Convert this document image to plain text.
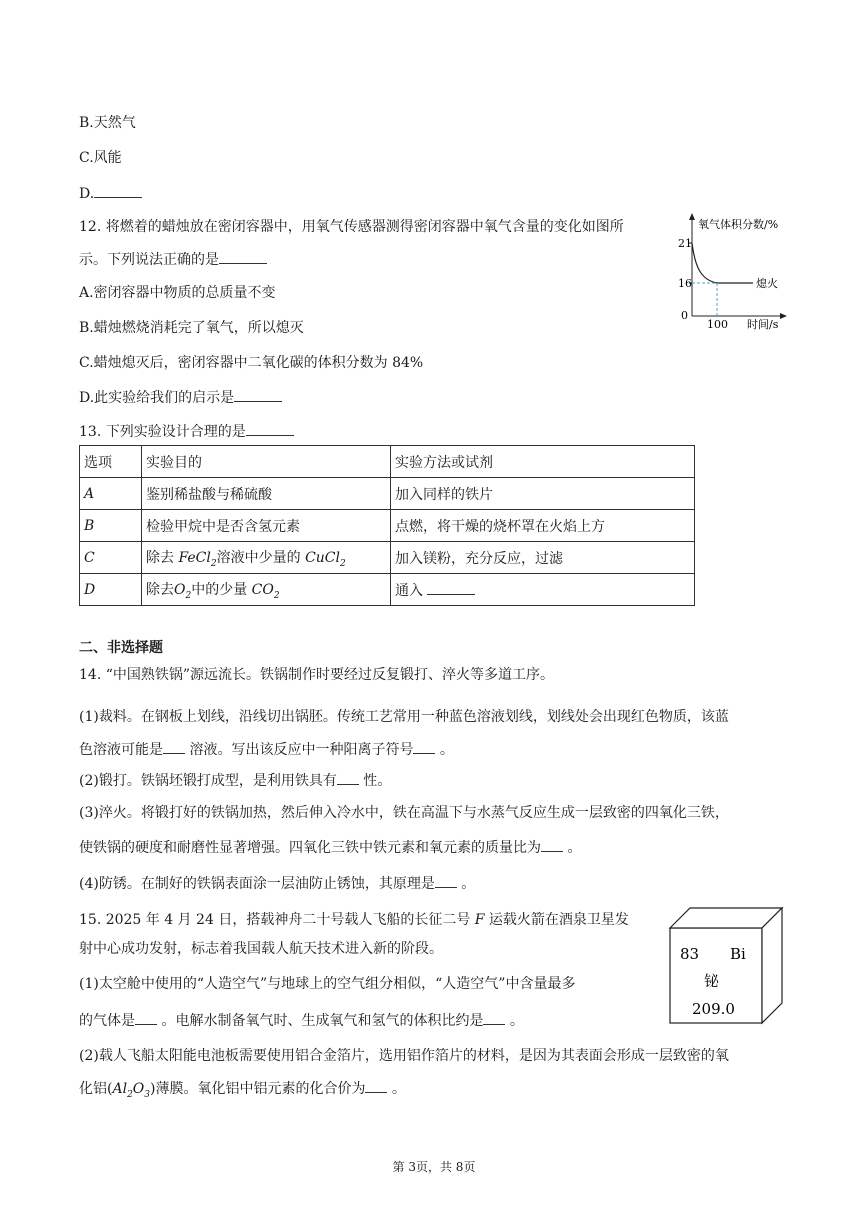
B.天然气
C.风能
D.
12. 将燃着的蜡烛放在密闭容器中，用氧气传感器测得密闭容器中氧气含量的变化如图所
示。下列说法正确的是
A.密闭容器中物质的总质量不变
B.蜡烛燃烧消耗完了氧气，所以熄灭
C.蜡烛熄灭后，密闭容器中二氧化碳的体积分数为 84%
D.此实验给我们的启示是
氧气体积分数/%
21
16
0
100 时间/s
熄火
13. 下列实验设计合理的是
选项	实验目的	实验方法或试剂
A	鉴别稀盐酸与稀硫酸	加入同样的铁片
B	检验甲烷中是否含氢元素	点燃，将干燥的烧杯罩在火焰上方
C	除去 FeCl$_2$溶液中少量的 CuCl$_2$	加入镁粉，充分反应，过滤
D	除去$O_2$中的少量 $CO_2$	通入
二、非选择题
14. “中国熟铁锅”源远流长。铁锅制作时要经过反复锻打、淬火等多道工序。
(1)裁料。在钢板上划线，沿线切出锅胚。传统工艺常用一种蓝色溶液划线，划线处会出现红色物质，该蓝
色溶液可能是 溶液。写出该反应中一种阳离子符号 。
(2)锻打。铁锅坯锻打成型，是利用铁具有 性。
(3)淬火。将锻打好的铁锅加热，然后伸入冷水中，铁在高温下与水蒸气反应生成一层致密的四氧化三铁，
使铁锅的硬度和耐磨性显著增强。四氧化三铁中铁元素和氧元素的质量比为 。
(4)防锈。在制好的铁锅表面涂一层油防止锈蚀，其原理是 。
15. 2025 年 4 月 24 日，搭载神舟二十号载人飞船的长征二号 F 运载火箭在酒泉卫星发
射中心成功发射，标志着我国载人航天技术进入新的阶段。
(1)太空舱中使用的“人造空气”与地球上的空气组分相似，“人造空气”中含量最多
的气体是 。电解水制备氧气时、生成氧气和氢气的体积比约是 。
(2)载人飞船太阳能电池板需要使用铝合金箔片，选用铝作箔片的材料，是因为其表面会形成一层致密的氧
化铝$(Al_2O_3)$薄膜。氧化铝中铝元素的化合价为 。
83 Bi
铋
209.0
第 3页，共 8页
